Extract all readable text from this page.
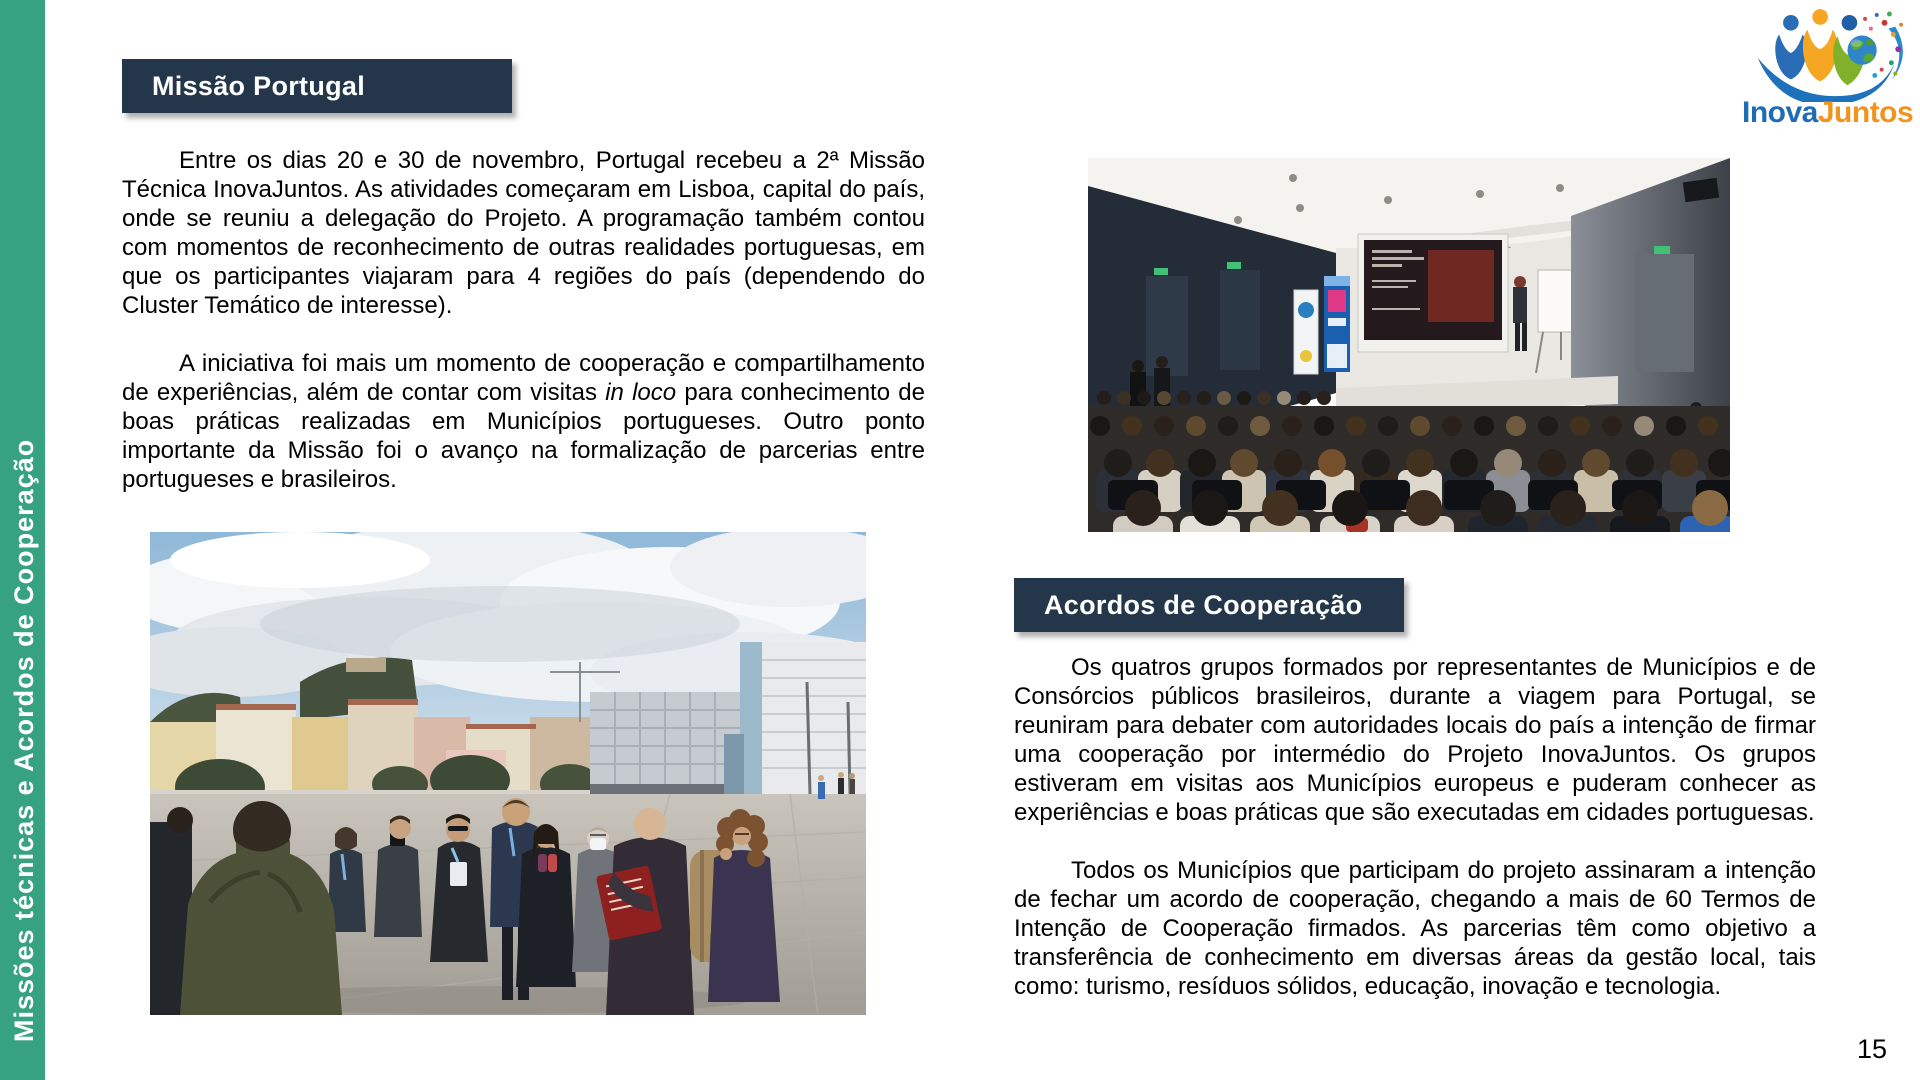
Missões técnicas e Acordos de Cooperação
InovaJuntos
Missão Portugal

Entre os dias 20 e 30 de novembro, Portugal recebeu a 2ª Missão Técnica InovaJuntos. As atividades começaram em Lisboa, capital do país, onde se reuniu a delegação do Projeto. A programação também contou com momentos de reconhecimento de outras realidades portuguesas, em que os participantes viajaram para 4 regiões do país (dependendo do Cluster Temático de interesse).

A iniciativa foi mais um momento de cooperação e compartilhamento de experiências, além de contar com visitas in loco para conhecimento de boas práticas realizadas em Municípios portugueses. Outro ponto importante da Missão foi o avanço na formalização de parcerias entre portugueses e brasileiros.

Acordos de Cooperação

Os quatros grupos formados por representantes de Municípios e de Consórcios públicos brasileiros, durante a viagem para Portugal, se reuniram para debater com autoridades locais do país a intenção de firmar uma cooperação por intermédio do Projeto InovaJuntos. Os grupos estiveram em visitas aos Municípios europeus e puderam conhecer as experiências e boas práticas que são executadas em cidades portuguesas.

Todos os Municípios que participam do projeto assinaram a intenção de fechar um acordo de cooperação, chegando a mais de 60 Termos de Intenção de Cooperação firmados. As parcerias têm como objetivo a transferência de conhecimento em diversas áreas da gestão local, tais como: turismo, resíduos sólidos, educação, inovação e tecnologia.

15
